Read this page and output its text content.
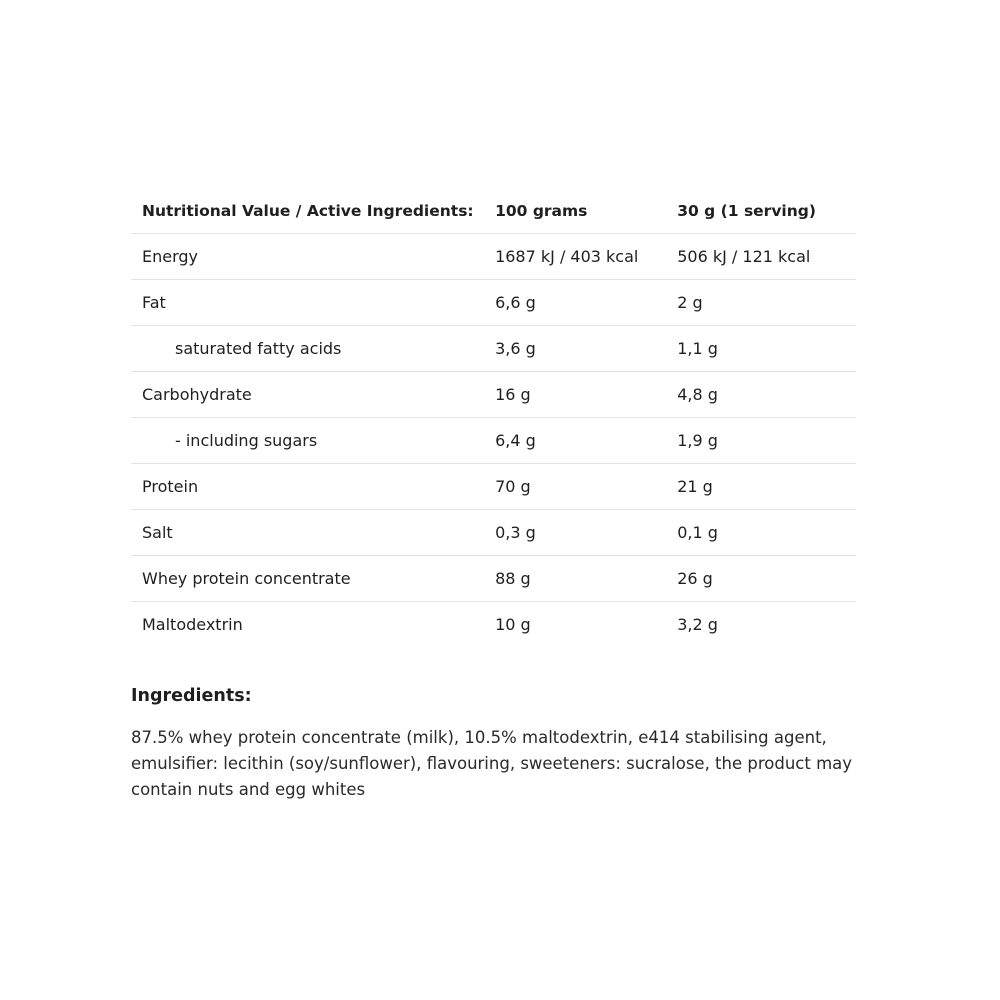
Nutritional Value / Active Ingredients:	100 grams	30 g (1 serving)
Energy	1687 kJ / 403 kcal	506 kJ / 121 kcal
Fat	6,6 g	2 g
saturated fatty acids	3,6 g	1,1 g
Carbohydrate	16 g	4,8 g
- including sugars	6,4 g	1,9 g
Protein	70 g	21 g
Salt	0,3 g	0,1 g
Whey protein concentrate	88 g	26 g
Maltodextrin	10 g	3,2 g
Ingredients:

87.5% whey protein concentrate (milk), 10.5% maltodextrin, e414 stabilising agent, emulsifier: lecithin (soy/sunflower), flavouring, sweeteners: sucralose, the product may contain nuts and egg whites
